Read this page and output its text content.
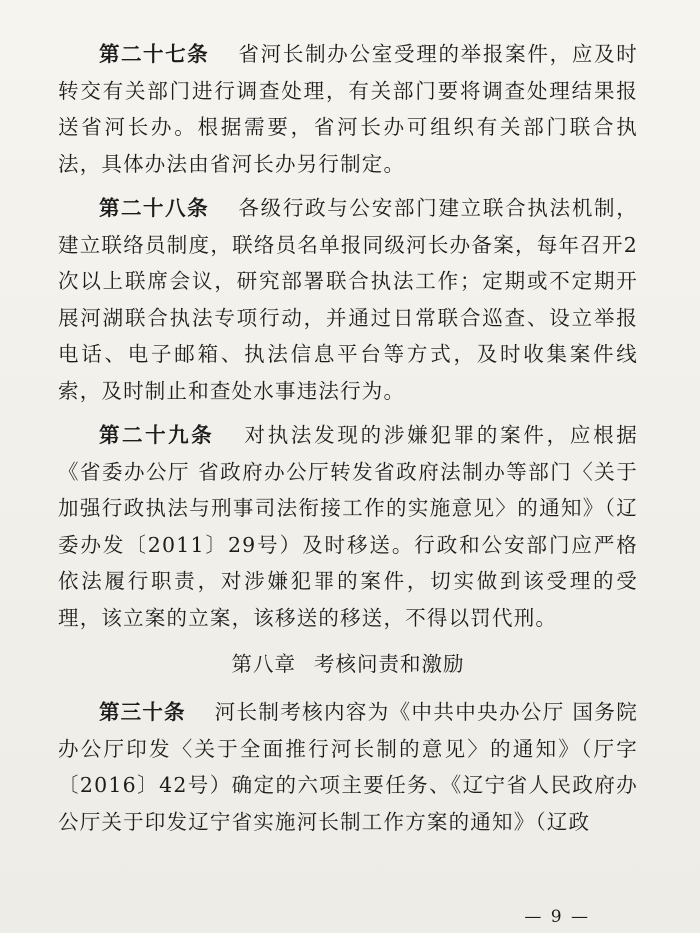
第二十七条 省河长制办公室受理的举报案件，应及时转交有关部门进行调查处理，有关部门要将调查处理结果报送省河长办。根据需要，省河长办可组织有关部门联合执法，具体办法由省河长办另行制定。

第二十八条 各级行政与公安部门建立联合执法机制，建立联络员制度，联络员名单报同级河长办备案，每年召开2次以上联席会议，研究部署联合执法工作；定期或不定期开展河湖联合执法专项行动，并通过日常联合巡查、设立举报电话、电子邮箱、执法信息平台等方式，及时收集案件线索，及时制止和查处水事违法行为。

第二十九条 对执法发现的涉嫌犯罪的案件，应根据《省委办公厅 省政府办公厅转发省政府法制办等部门〈关于加强行政执法与刑事司法衔接工作的实施意见〉的通知》（辽委办发〔2011〕29号）及时移送。行政和公安部门应严格依法履行职责，对涉嫌犯罪的案件，切实做到该受理的受理，该立案的立案，该移送的移送，不得以罚代刑。

第八章 考核问责和激励

第三十条 河长制考核内容为《中共中央办公厅 国务院办公厅印发〈关于全面推行河长制的意见〉的通知》（厅字〔2016〕42号）确定的六项主要任务、《辽宁省人民政府办公厅关于印发辽宁省实施河长制工作方案的通知》（辽政

— 9 —
